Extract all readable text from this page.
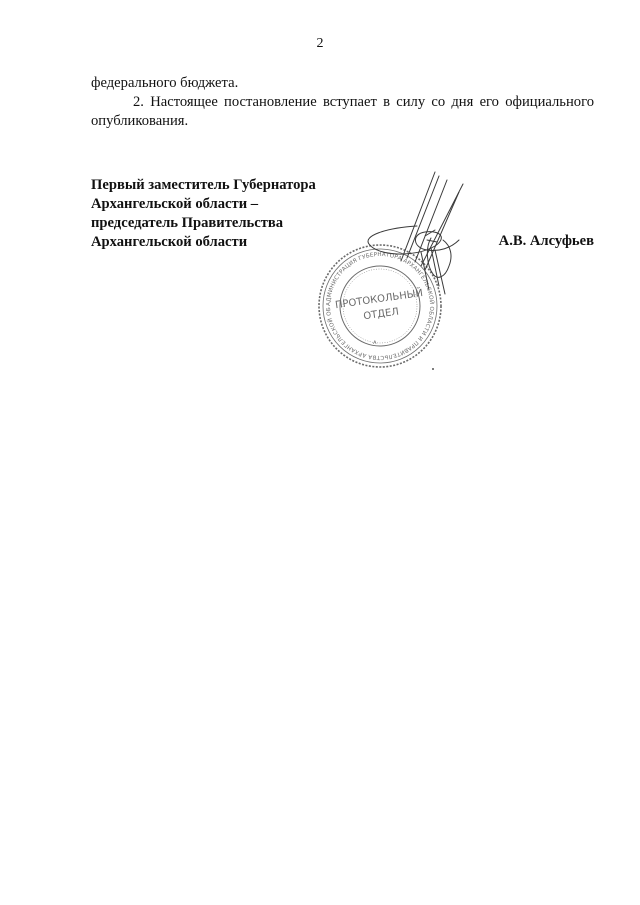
2

федерального бюджета.

2. Настоящее постановление вступает в силу со дня его официального опубликования.

Первый заместитель Губернатора
Архангельской области –
председатель Правительства
Архангельской области	А.В. Алсуфьев
АДМИНИСТРАЦИЯ ГУБЕРНАТОРА АРХАНГЕЛЬСКОЙ ОБЛАСТИ И ПРАВИТЕЛЬСТВА АРХАНГЕЛЬСКОЙ ОБ ПРОТОКОЛЬНЫЙ
ОТДЕЛ
ᴧ
